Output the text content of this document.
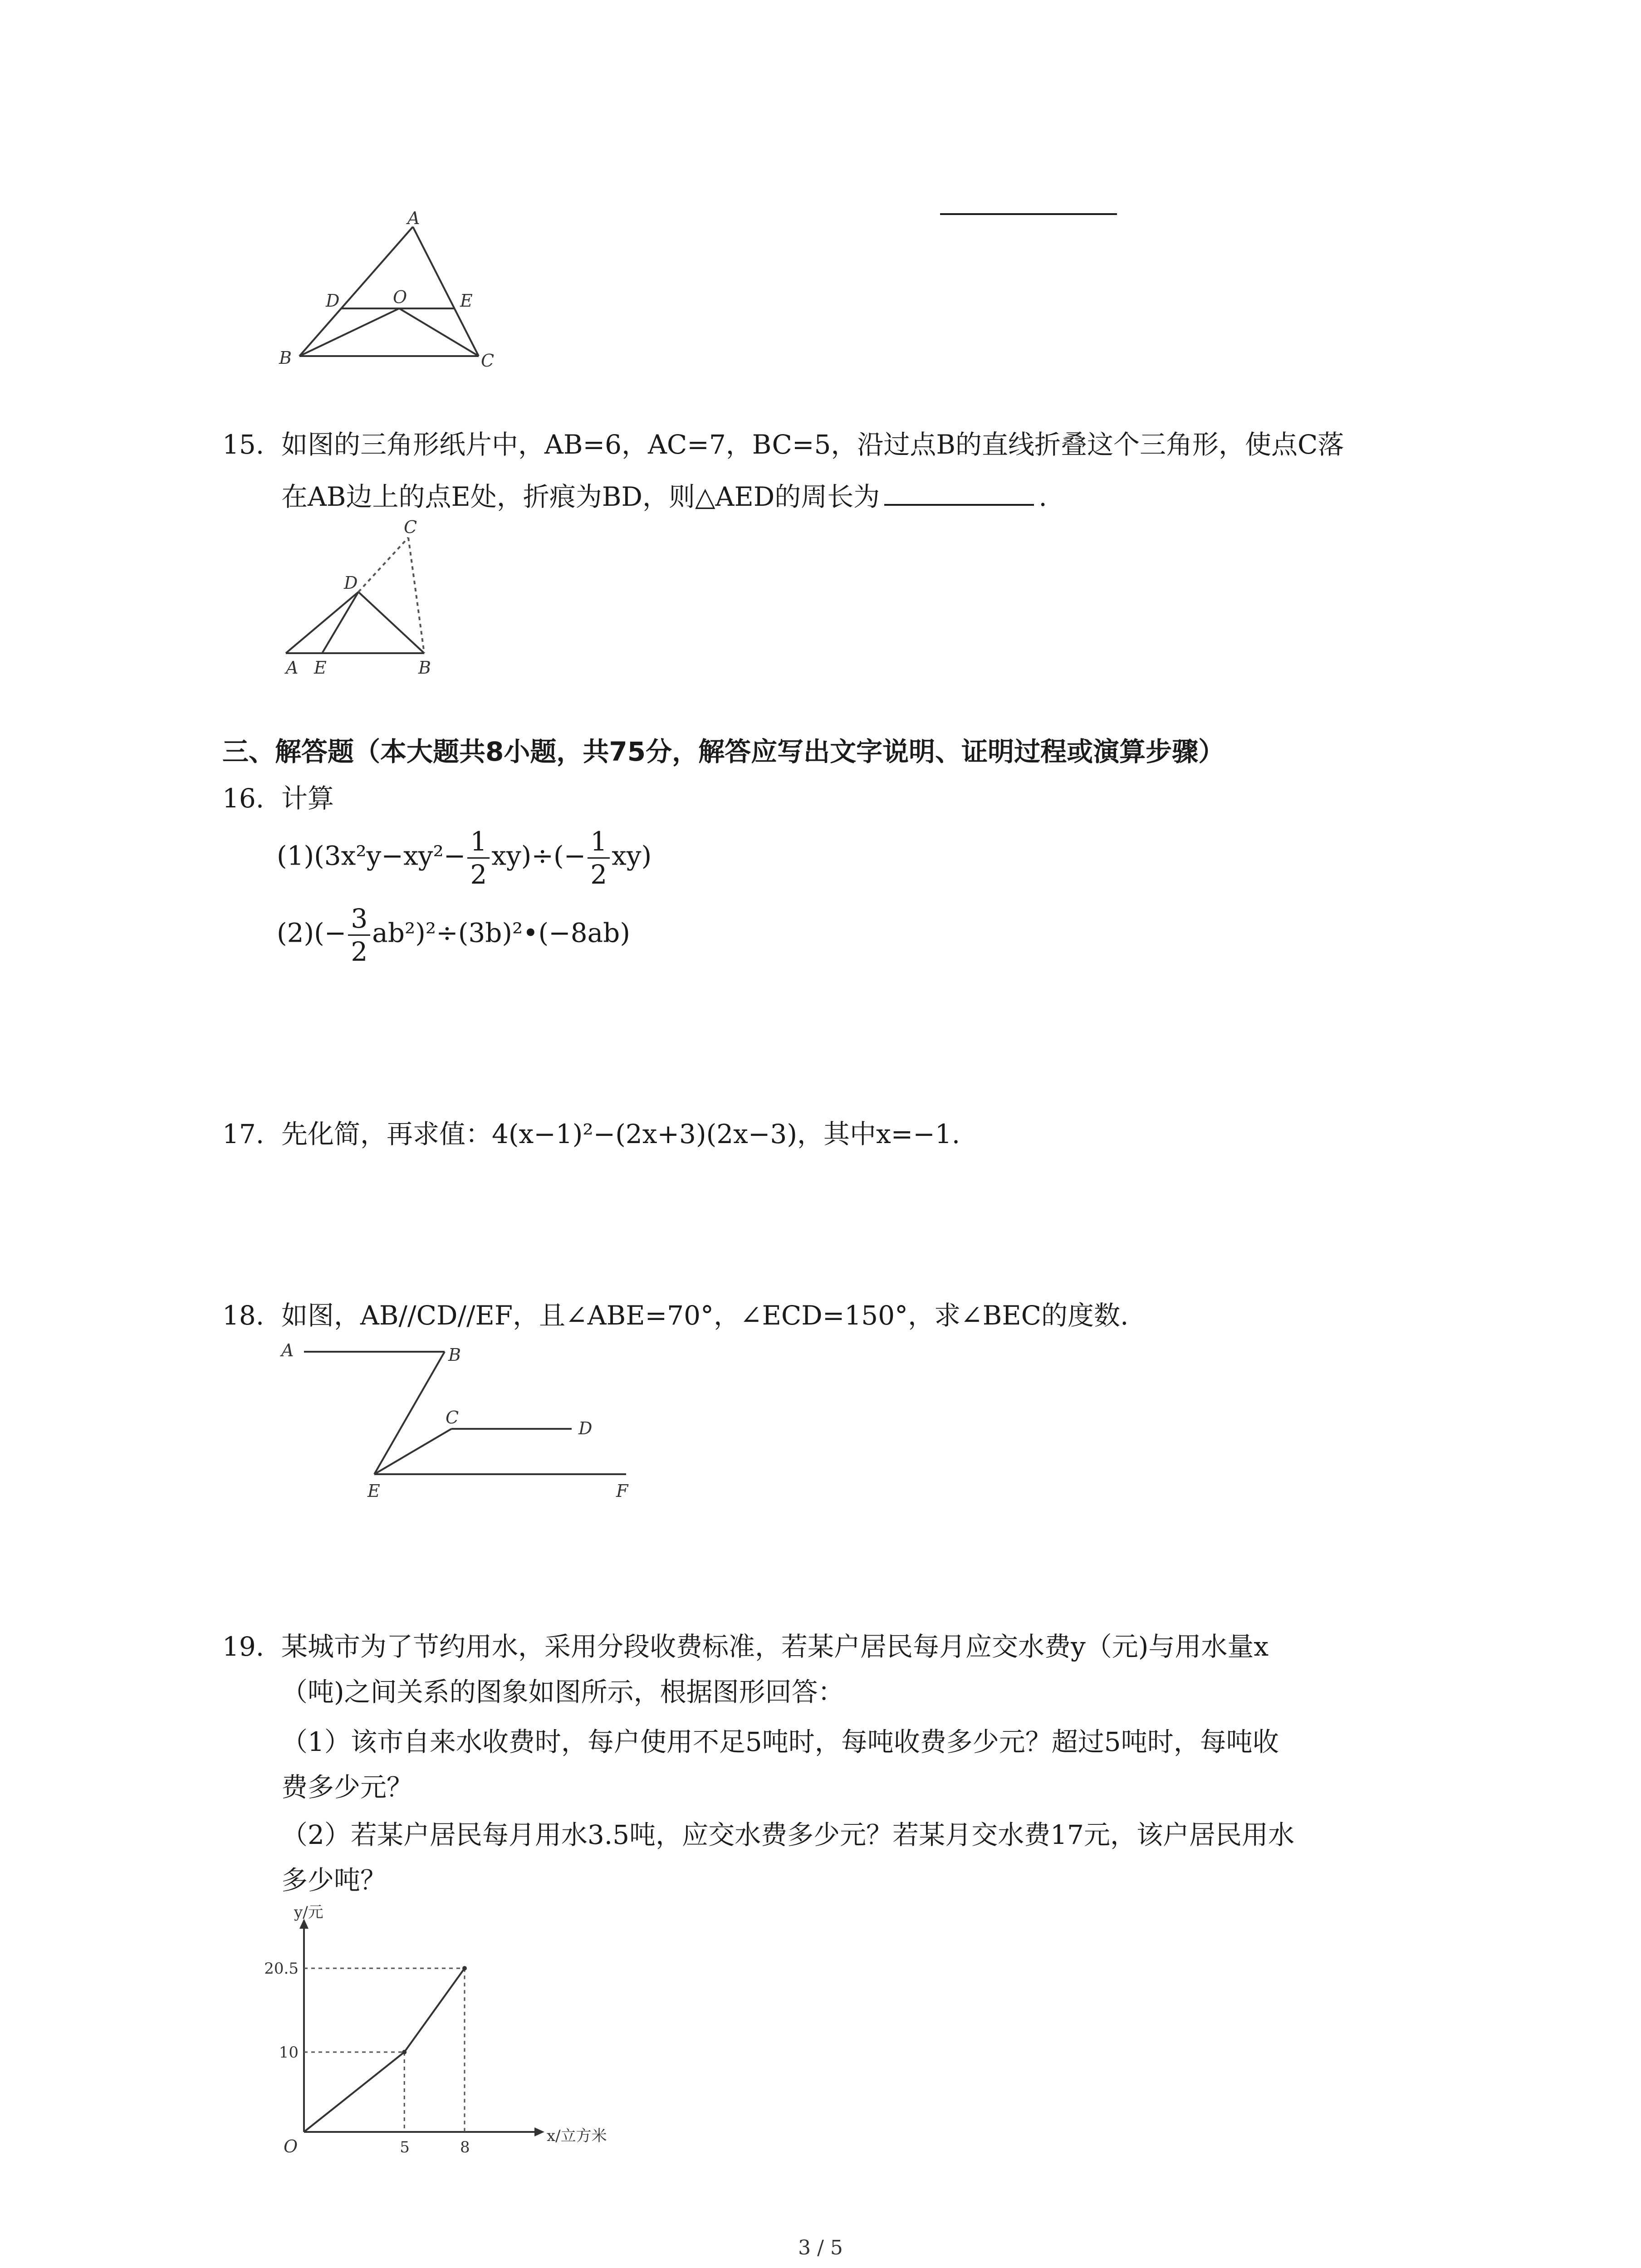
A
D	O	E
B	C
15. 如图的三角形纸片中，AB=6，AC=7，BC=5，沿过点B的直线折叠这个三角形，使点C落
在AB边上的点E处，折痕为BD，则△AED的周长为	.
C
D
A E	B
三、解答题（本大题共8小题，共75分，解答应写出文字说明、证明过程或演算步骤）
16. 计算
$(1)(3x^2y-xy^2- \frac{1}{2} xy)\div(- \frac{1}{2} xy)$
$(2)(- \frac{3}{2}$ ab²)²÷(3b)²•(−8ab)
17. 先化简，再求值：4(x−1)²−(2x+3)(2x−3)，其中x=−1.
18. 如图，AB//CD//EF，且∠ABE=70°，∠ECD=150°，求∠BEC的度数.
A	B
C
D
E	F
19. 某城市为了节约用水，采用分段收费标准，若某户居民每月应交水费y（元)与用水量x
（吨)之间关系的图象如图所示，根据图形回答：
（1）该市自来水收费时，每户使用不足5吨时，每吨收费多少元？超过5吨时，每吨收
费多少元？
（2）若某户居民每月用水3.5吨，应交水费多少元？若某月交水费17元，该户居民用水
多少吨？
5	8
10
20.5
O
y/元
x/立方米
3 / 5
